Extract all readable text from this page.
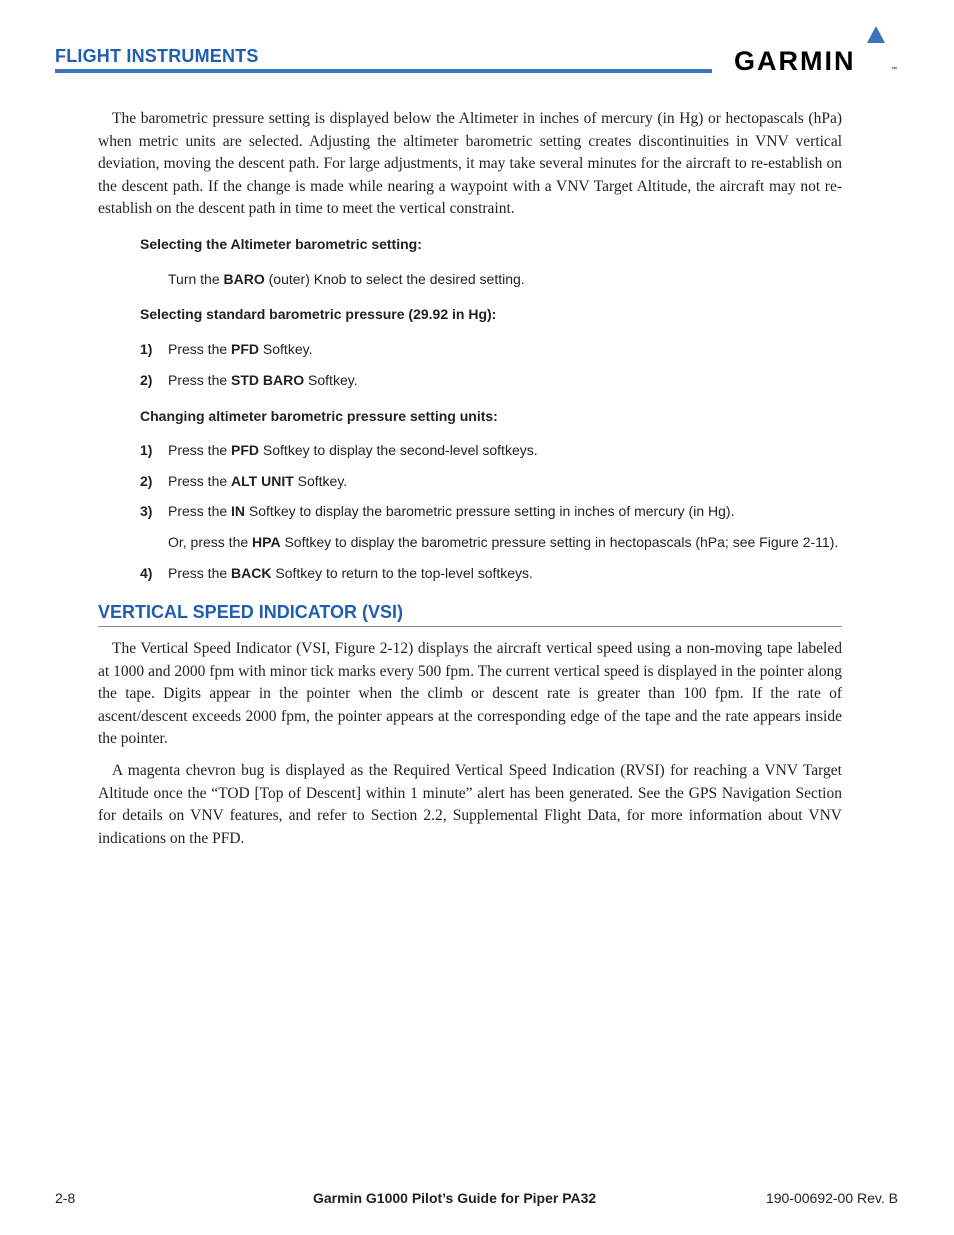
FLIGHT INSTRUMENTS	GARMIN	™

The barometric pressure setting is displayed below the Altimeter in inches of mercury (in Hg) or hectopascals (hPa) when metric units are selected. Adjusting the altimeter barometric setting creates discontinuities in VNV vertical deviation, moving the descent path. For large adjustments, it may take several minutes for the aircraft to re-establish on the descent path. If the change is made while nearing a waypoint with a VNV Target Altitude, the aircraft may not re-establish on the descent path in time to meet the vertical constraint.

Selecting the Altimeter barometric setting:
Turn the BARO (outer) Knob to select the desired setting.
Selecting standard barometric pressure (29.92 in Hg):
1) Press the PFD Softkey.
2) Press the STD BARO Softkey.
Changing altimeter barometric pressure setting units:
1) Press the PFD Softkey to display the second-level softkeys.
2) Press the ALT UNIT Softkey.
3) Press the IN Softkey to display the barometric pressure setting in inches of mercury (in Hg).
Or, press the HPA Softkey to display the barometric pressure setting in hectopascals (hPa; see Figure 2-11).
4) Press the BACK Softkey to return to the top-level softkeys.
VERTICAL SPEED INDICATOR (VSI)

The Vertical Speed Indicator (VSI, Figure 2-12) displays the aircraft vertical speed using a non-moving tape labeled at 1000 and 2000 fpm with minor tick marks every 500 fpm. The current vertical speed is displayed in the pointer along the tape. Digits appear in the pointer when the climb or descent rate is greater than 100 fpm. If the rate of ascent/descent exceeds 2000 fpm, the pointer appears at the corresponding edge of the tape and the rate appears inside the pointer.

A magenta chevron bug is displayed as the Required Vertical Speed Indication (RVSI) for reaching a VNV Target Altitude once the “TOD [Top of Descent] within 1 minute” alert has been generated. See the GPS Navigation Section for details on VNV features, and refer to Section 2.2, Supplemental Flight Data, for more information about VNV indications on the PFD.

2-8	Garmin G1000 Pilot’s Guide for Piper PA32	190-00692-00 Rev. B
